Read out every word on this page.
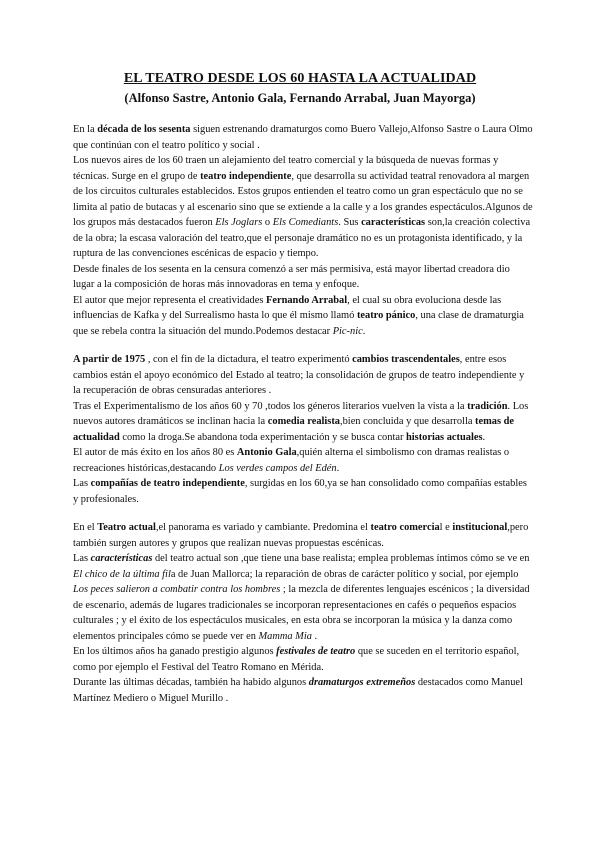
EL TEATRO DESDE LOS 60 HASTA LA ACTUALIDAD
(Alfonso Sastre, Antonio Gala, Fernando Arrabal, Juan Mayorga)

En la década de los sesenta siguen estrenando dramaturgos como Buero Vallejo,Alfonso Sastre o Laura Olmo que continúan con el teatro político y social .

Los nuevos aires de los 60 traen un alejamiento del teatro comercial y la búsqueda de nuevas formas y técnicas. Surge en el grupo de teatro independiente, que desarrolla su actividad teatral renovadora al margen de los circuitos culturales establecidos. Estos grupos entienden el teatro como un gran espectáculo que no se limita al patio de butacas y al escenario sino que se extiende a la calle y a los grandes espectáculos.Algunos de los grupos más destacados fueron Els Joglars o Els Comediants. Sus características son,la creación colectiva de la obra; la escasa valoración del teatro,que el personaje dramático no es un protagonista identificado, y la ruptura de las convenciones escénicas de espacio y tiempo.

Desde finales de los sesenta en la censura comenzó a ser más permisiva, está mayor libertad creadora dio lugar a la composición de horas más innovadoras en tema y enfoque.

El autor que mejor representa el creatividades Fernando Arrabal, el cual su obra evoluciona desde las influencias de Kafka y del Surrealismo hasta lo que él mismo llamó teatro pánico, una clase de dramaturgia que se rebela contra la situación del mundo.Podemos destacar Pic-nic.

A partir de 1975 , con el fin de la dictadura, el teatro experimentó cambios trascendentales, entre esos cambios están el apoyo económico del Estado al teatro; la consolidación de grupos de teatro independiente y la recuperación de obras censuradas anteriores .

Tras el Experimentalismo de los años 60 y 70 ,todos los géneros literarios vuelven la vista a la tradición. Los nuevos autores dramáticos se inclinan hacia la comedia realista,bien concluida y que desarrolla temas de actualidad como la droga.Se abandona toda experimentación y se busca contar historias actuales.

El autor de más éxito en los años 80 es Antonio Gala,quién alterna el simbolismo con dramas realistas o recreaciones históricas,destacando Los verdes campos del Edén.

Las compañías de teatro independiente, surgidas en los 60,ya se han consolidado como compañías estables y profesionales.

En el Teatro actual,el panorama es variado y cambiante. Predomina el teatro comercial e institucional,pero también surgen autores y grupos que realizan nuevas propuestas escénicas.

Las características del teatro actual son ,que tiene una base realista; emplea problemas íntimos cómo se ve en El chico de la última fila de Juan Mallorca; la reparación de obras de carácter político y social, por ejemplo Los peces salieron a combatir contra los hombres ; la mezcla de diferentes lenguajes escénicos ; la diversidad de escenario, además de lugares tradicionales se incorporan representaciones en cafés o pequeños espacios culturales ; y el éxito de los espectáculos musicales, en esta obra se incorporan la música y la danza como elementos principales cómo se puede ver en Mamma Mia .

En los últimos años ha ganado prestigio algunos festivales de teatro que se suceden en el territorio español, como por ejemplo el Festival del Teatro Romano en Mérida.

Durante las últimas décadas, también ha habido algunos dramaturgos extremeños destacados como Manuel Martínez Mediero o Miguel Murillo .
